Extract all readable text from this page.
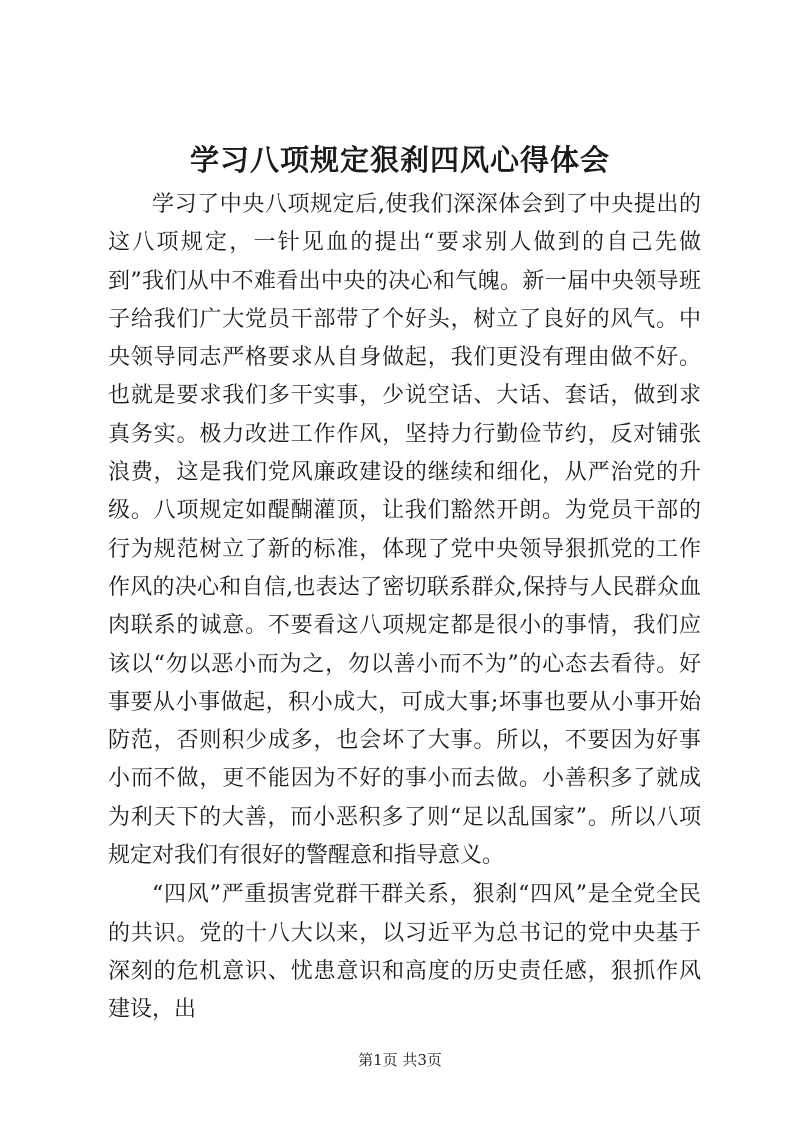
学习八项规定狠刹四风心得体会

学习了中央八项规定后,使我们深深体会到了中央提出的这八项规定，一针见血的提出“要求别人做到的自己先做到”我们从中不难看出中央的决心和气魄。新一届中央领导班子给我们广大党员干部带了个好头，树立了良好的风气。中央领导同志严格要求从自身做起，我们更没有理由做不好。也就是要求我们多干实事，少说空话、大话、套话，做到求真务实。极力改进工作作风，坚持力行勤俭节约，反对铺张浪费，这是我们党风廉政建设的继续和细化，从严治党的升级。八项规定如醍醐灌顶，让我们豁然开朗。为党员干部的行为规范树立了新的标准，体现了党中央领导狠抓党的工作作风的决心和自信,也表达了密切联系群众,保持与人民群众血肉联系的诚意。不要看这八项规定都是很小的事情，我们应该以“勿以恶小而为之，勿以善小而不为”的心态去看待。好事要从小事做起，积小成大，可成大事;坏事也要从小事开始防范，否则积少成多，也会坏了大事。所以，不要因为好事小而不做，更不能因为不好的事小而去做。小善积多了就成为利天下的大善，而小恶积多了则“足以乱国家”。所以八项规定对我们有很好的警醒意和指导意义。

“四风”严重损害党群干群关系，狠刹“四风”是全党全民的共识。党的十八大以来，以习近平为总书记的党中央基于深刻的危机意识、忧患意识和高度的历史责任感，狠抓作风建设，出

第1页 共3页
